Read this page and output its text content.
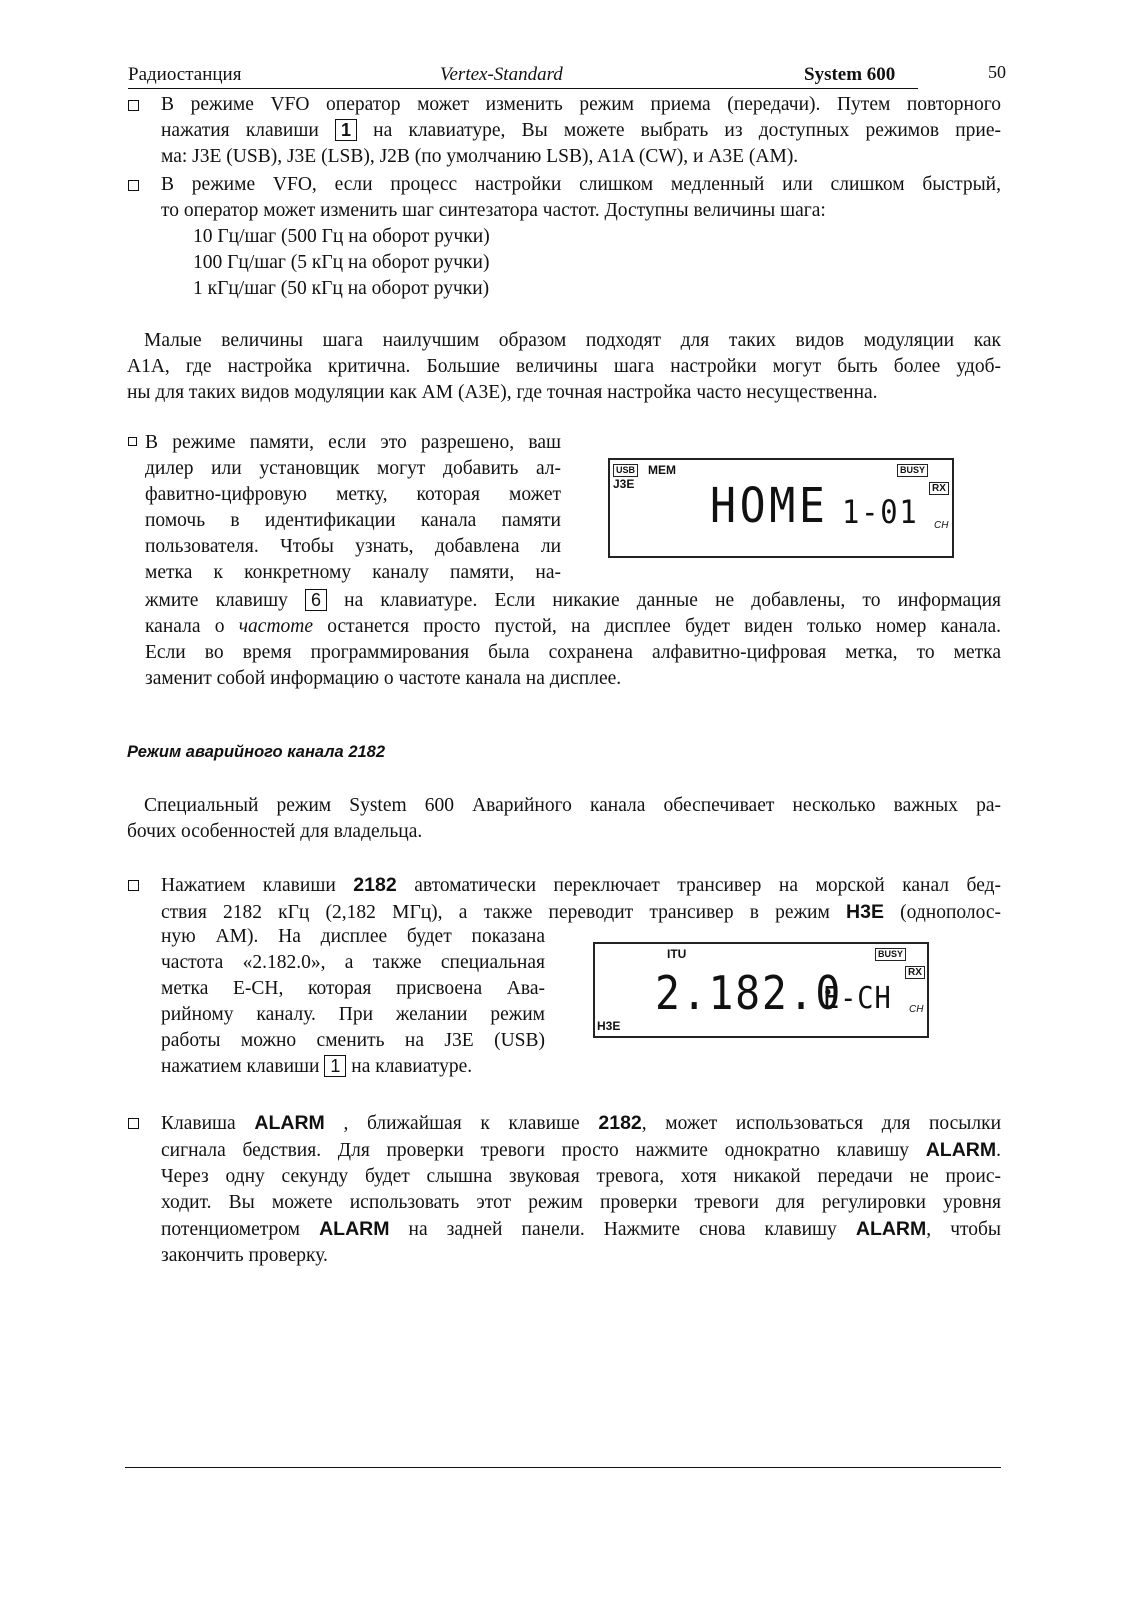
Радиостанция	Vertex-Standard	System 600	50
В режиме VFO оператор может изменить режим приема (передачи). Путем повторного
нажатия клавиши 1 на клавиатуре, Вы можете выбрать из доступных режимов прие-
ма: J3E (USB), J3E (LSB), J2B (по умолчанию LSB), A1A (CW), и A3E (AM).
В режиме VFO, если процесс настройки слишком медленный или слишком быстрый,
то оператор может изменить шаг синтезатора частот. Доступны величины шага:
10 Гц/шаг (500 Гц на оборот ручки)
100 Гц/шаг (5 кГц на оборот ручки)
1 кГц/шаг (50 кГц на оборот ручки)
Малые величины шага наилучшим образом подходят для таких видов модуляции как
A1A, где настройка критична. Большие величины шага настройки могут быть более удоб-
ны для таких видов модуляции как AM (A3E), где точная настройка часто несущественна.
В режиме памяти, если это разрешено, ваш
дилер или установщик могут добавить ал-
фавитно-цифровую метку, которая может
помочь в идентификации канала памяти
пользователя. Чтобы узнать, добавлена ли
метка к конкретному каналу памяти, на-
жмите клавишу 6 на клавиатуре. Если никакие данные не добавлены, то информация
канала о частоте останется просто пустой, на дисплее будет виден только номер канала.
Если во время программирования была сохранена алфавитно-цифровая метка, то метка
заменит собой информацию о частоте канала на дисплее.
USB MEM
J3E
BUSY
RX
HOME 1-01 CH
Режим аварийного канала 2182
Специальный режим System 600 Аварийного канала обеспечивает несколько важных ра-
бочих особенностей для владельца.
Нажатием клавиши 2182 автоматически переключает трансивер на морской канал бед-
ствия 2182 кГц (2,182 МГц), а также переводит трансивер в режим H3E (однополос-
ную AM). На дисплее будет показана
частота «2.182.0», а также специальная
метка E-CH, которая присвоена Ава-
рийному каналу. При желании режим
работы можно сменить на J3E (USB)
нажатием клавиши 1 на клавиатуре.
ITU	BUSY
RX
2.182.0
E-CH CH
H3E
Клавиша ALARM , ближайшая к клавише 2182, может использоваться для посылки
сигнала бедствия. Для проверки тревоги просто нажмите однократно клавишу ALARM.
Через одну секунду будет слышна звуковая тревога, хотя никакой передачи не проис-
ходит. Вы можете использовать этот режим проверки тревоги для регулировки уровня
потенциометром ALARM на задней панели. Нажмите снова клавишу ALARM, чтобы
закончить проверку.
